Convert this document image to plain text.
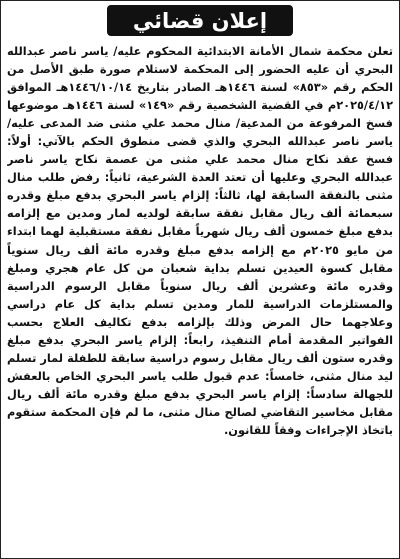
إعلان قضائي
تعلن محكمة شمال الأمانة الابتدائية المحكوم عليه/ ياسر ناصر عبدالله البحري أن عليه الحضور إلى المحكمة لاستلام صورة طبق الأصل من الحكم رقم «٨٥٣» لسنة ١٤٤٦هـ الصادر بتاريخ ١٤٤٦/١٠/١٤هـ الموافق ٢٠٢٥/٤/١٢م في القضية الشخصية رقم «١٤٩» لسنة ١٤٤٦هـ موضوعها فسخ المرفوعة من المدعية/ منال محمد علي مثنى ضد المدعى عليه/ ياسر ناصر عبدالله البحري والذي قضى منطوق الحكم بالآتي: أولاً: فسخ عقد نكاح منال محمد علي مثنى من عصمة نكاح ياسر ناصر عبدالله البحري وعليها أن تعتد العدة الشرعية، ثانياً: رفض طلب منال مثنى بالنفقة السابقة لها، ثالثاً: إلزام ياسر البحري بدفع مبلغ وقدره سبعمائة ألف ريال مقابل نفقة سابقة لولديه لمار ومدين مع إلزامه بدفع مبلغ خمسون ألف ريال شهرياً مقابل نفقة مستقبلية لهما ابتداء من مايو ٢٠٢٥م مع إلزامه بدفع مبلغ وقدره مائة ألف ريال سنوياً مقابل كسوة العيدين تسلم بداية شعبان من كل عام هجري ومبلغ وقدره مائة وعشرين ألف ريال سنوياً مقابل الرسوم الدراسية والمستلزمات الدراسية للمار ومدين تسلم بداية كل عام دراسي وعلاجهما حال المرض وذلك بإلزامه بدفع تكاليف العلاج بحسب الفواتير المقدمة أمام التنفيذ، رابعاً: إلزام ياسر البحري بدفع مبلغ وقدره ستون ألف ريال مقابل رسوم دراسية سابقة للطفلة لمار تسلم ليد منال مثنى، خامساً: عدم قبول طلب ياسر البحري الخاص بالعفش للجهالة سادساً: إلزام ياسر البحري بدفع مبلغ وقدره مائة ألف ريال مقابل مخاسير التقاضي لصالح منال مثنى، ما لم فإن المحكمة ستقوم باتخاذ الإجراءات وفقاً للقانون.
